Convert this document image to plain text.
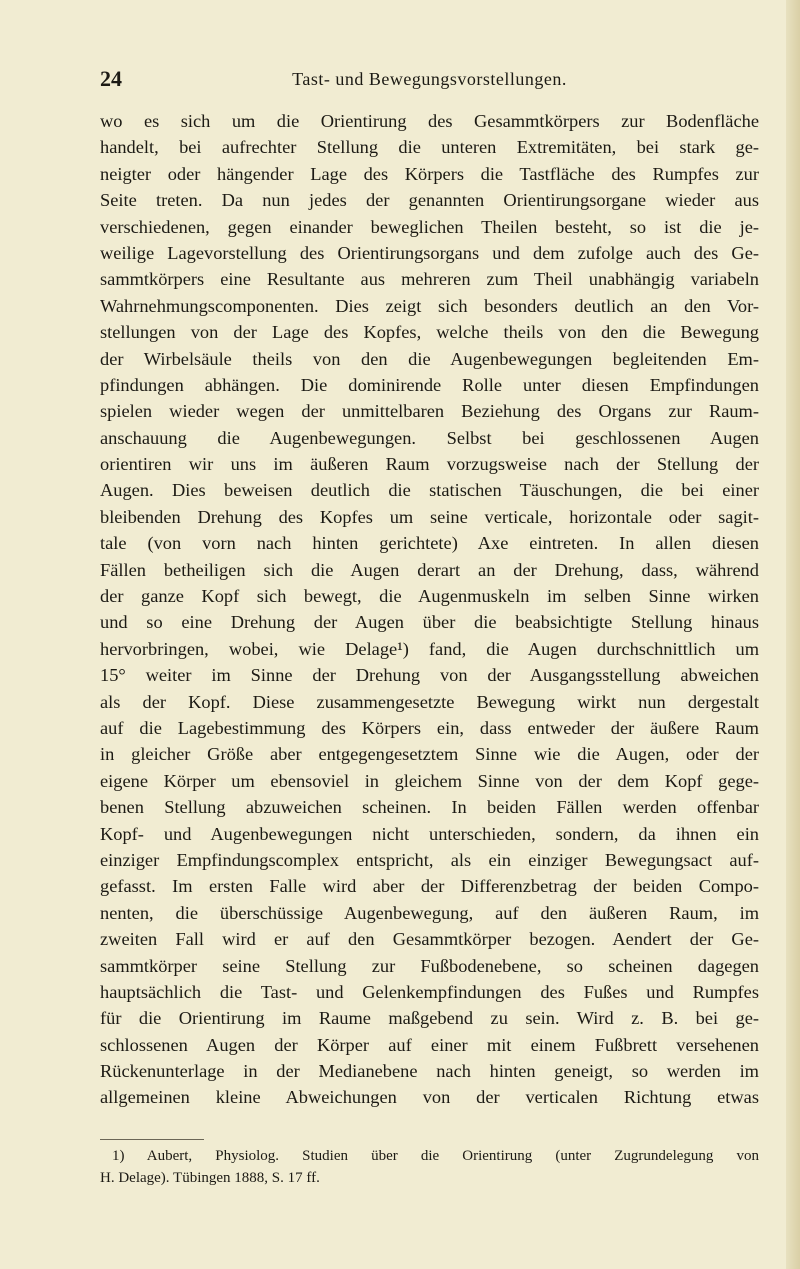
24	Tast- und Bewegungsvorstellungen.
wo es sich um die Orientirung des Gesammtkörpers zur Bodenfläche
handelt, bei aufrechter Stellung die unteren Extremitäten, bei stark ge-
neigter oder hängender Lage des Körpers die Tastfläche des Rumpfes zur
Seite treten. Da nun jedes der genannten Orientirungsorgane wieder aus
verschiedenen, gegen einander beweglichen Theilen besteht, so ist die je-
weilige Lagevorstellung des Orientirungsorgans und dem zufolge auch des Ge-
sammtkörpers eine Resultante aus mehreren zum Theil unabhängig variabeln
Wahrnehmungscomponenten. Dies zeigt sich besonders deutlich an den Vor-
stellungen von der Lage des Kopfes, welche theils von den die Bewegung
der Wirbelsäule theils von den die Augenbewegungen begleitenden Em-
pfindungen abhängen. Die dominirende Rolle unter diesen Empfindungen
spielen wieder wegen der unmittelbaren Beziehung des Organs zur Raum-
anschauung die Augenbewegungen. Selbst bei geschlossenen Augen
orientiren wir uns im äußeren Raum vorzugsweise nach der Stellung der
Augen. Dies beweisen deutlich die statischen Täuschungen, die bei einer
bleibenden Drehung des Kopfes um seine verticale, horizontale oder sagit-
tale (von vorn nach hinten gerichtete) Axe eintreten. In allen diesen
Fällen betheiligen sich die Augen derart an der Drehung, dass, während
der ganze Kopf sich bewegt, die Augenmuskeln im selben Sinne wirken
und so eine Drehung der Augen über die beabsichtigte Stellung hinaus
hervorbringen, wobei, wie Delage¹) fand, die Augen durchschnittlich um
15° weiter im Sinne der Drehung von der Ausgangsstellung abweichen
als der Kopf. Diese zusammengesetzte Bewegung wirkt nun dergestalt
auf die Lagebestimmung des Körpers ein, dass entweder der äußere Raum
in gleicher Größe aber entgegengesetztem Sinne wie die Augen, oder der
eigene Körper um ebensoviel in gleichem Sinne von der dem Kopf gege-
benen Stellung abzuweichen scheinen. In beiden Fällen werden offenbar
Kopf- und Augenbewegungen nicht unterschieden, sondern, da ihnen ein
einziger Empfindungscomplex entspricht, als ein einziger Bewegungsact auf-
gefasst. Im ersten Falle wird aber der Differenzbetrag der beiden Compo-
nenten, die überschüssige Augenbewegung, auf den äußeren Raum, im
zweiten Fall wird er auf den Gesammtkörper bezogen. Aendert der Ge-
sammtkörper seine Stellung zur Fußbodenebene, so scheinen dagegen
hauptsächlich die Tast- und Gelenkempfindungen des Fußes und Rumpfes
für die Orientirung im Raume maßgebend zu sein. Wird z. B. bei ge-
schlossenen Augen der Körper auf einer mit einem Fußbrett versehenen
Rückenunterlage in der Medianebene nach hinten geneigt, so werden im
allgemeinen kleine Abweichungen von der verticalen Richtung etwas
1) Aubert, Physiolog. Studien über die Orientirung (unter Zugrundelegung von
H. Delage). Tübingen 1888, S. 17 ff.
